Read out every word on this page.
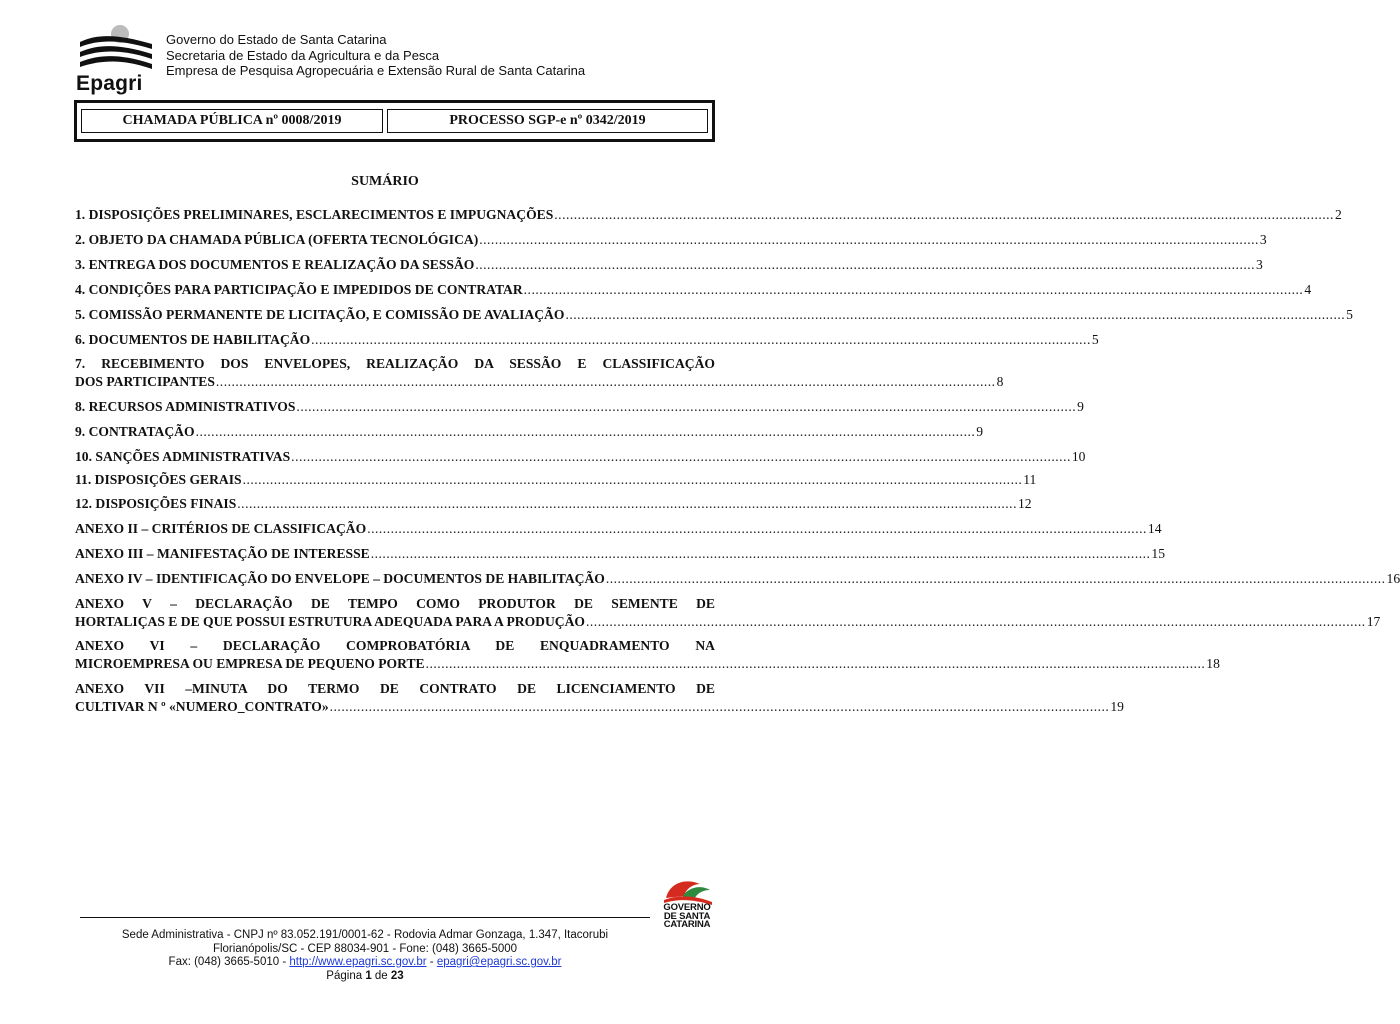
Epagri
Governo do Estado de Santa Catarina
Secretaria de Estado da Agricultura e da Pesca
Empresa de Pesquisa Agropecuária e Extensão Rural de Santa Catarina
CHAMADA PÚBLICA nº 0008/2019	PROCESSO SGP-e nº 0342/2019
SUMÁRIO
1. DISPOSIÇÕES PRELIMINARES, ESCLARECIMENTOS E IMPUGNAÇÕES ........................................................................................................................................................................................................ 2
2. OBJETO DA CHAMADA PÚBLICA (OFERTA TECNOLÓGICA) ........................................................................................................................................................................................................ 3
3. ENTREGA DOS DOCUMENTOS E REALIZAÇÃO DA SESSÃO ........................................................................................................................................................................................................ 3
4. CONDIÇÕES PARA PARTICIPAÇÃO E IMPEDIDOS DE CONTRATAR ........................................................................................................................................................................................................ 4
5. COMISSÃO PERMANENTE DE LICITAÇÃO, E COMISSÃO DE AVALIAÇÃO ........................................................................................................................................................................................................ 5
6. DOCUMENTOS DE HABILITAÇÃO ........................................................................................................................................................................................................ 5
7. RECEBIMENTO DOS ENVELOPES, REALIZAÇÃO DA SESSÃO E CLASSIFICAÇÃO
DOS PARTICIPANTES ........................................................................................................................................................................................................ 8
8. RECURSOS ADMINISTRATIVOS ........................................................................................................................................................................................................ 9
9. CONTRATAÇÃO ........................................................................................................................................................................................................ 9
10. SANÇÕES ADMINISTRATIVAS ........................................................................................................................................................................................................ 10
11. DISPOSIÇÕES GERAIS ........................................................................................................................................................................................................ 11
12. DISPOSIÇÕES FINAIS ........................................................................................................................................................................................................ 12
ANEXO II – CRITÉRIOS DE CLASSIFICAÇÃO ........................................................................................................................................................................................................ 14
ANEXO III – MANIFESTAÇÃO DE INTERESSE ........................................................................................................................................................................................................ 15
ANEXO IV – IDENTIFICAÇÃO DO ENVELOPE – DOCUMENTOS DE HABILITAÇÃO ........................................................................................................................................................................................................ 16
ANEXO V – DECLARAÇÃO DE TEMPO COMO PRODUTOR DE SEMENTE DE
HORTALIÇAS E DE QUE POSSUI ESTRUTURA ADEQUADA PARA A PRODUÇÃO ........................................................................................................................................................................................................ 17
ANEXO VI – DECLARAÇÃO COMPROBATÓRIA DE ENQUADRAMENTO NA
MICROEMPRESA OU EMPRESA DE PEQUENO PORTE ........................................................................................................................................................................................................ 18
ANEXO VII –MINUTA DO TERMO DE CONTRATO DE LICENCIAMENTO DE
CULTIVAR N º «NUMERO_CONTRATO» ........................................................................................................................................................................................................ 19
Sede Administrativa - CNPJ nº 83.052.191/0001-62 - Rodovia Admar Gonzaga, 1.347, Itacorubi
Florianópolis/SC - CEP 88034-901 - Fone: (048) 3665-5000
Fax: (048) 3665-5010 - http://www.epagri.sc.gov.br - epagri@epagri.sc.gov.br
Página 1 de 23
GOVERNO
DE SANTA
CATARINA
